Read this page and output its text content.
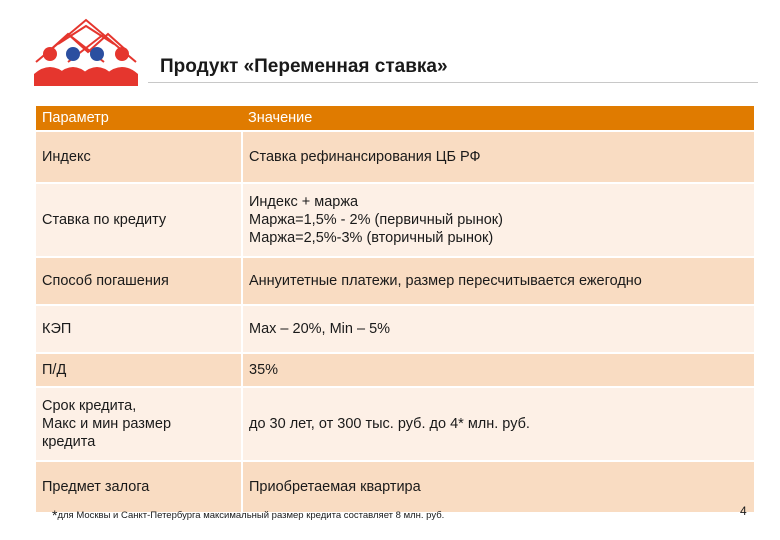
Продукт «Переменная ставка»
Параметр	Значение
Индекс	Ставка рефинансирования ЦБ РФ
Ставка по кредиту	Индекс + маржа
Маржа=1,5% - 2% (первичный рынок)
Маржа=2,5%-3% (вторичный рынок)
Способ погашения	Аннуитетные платежи, размер пересчитывается ежегодно
КЭП	Max – 20%, Min – 5%
П/Д	35%
Срок кредита,
Макс и мин размер
кредита	до 30 лет, от 300 тыс. руб. до 4* млн. руб.
Предмет залога	Приобретаемая квартира
*для Москвы и Санкт-Петербурга максимальный размер кредита составляет 8 млн. руб.	4
